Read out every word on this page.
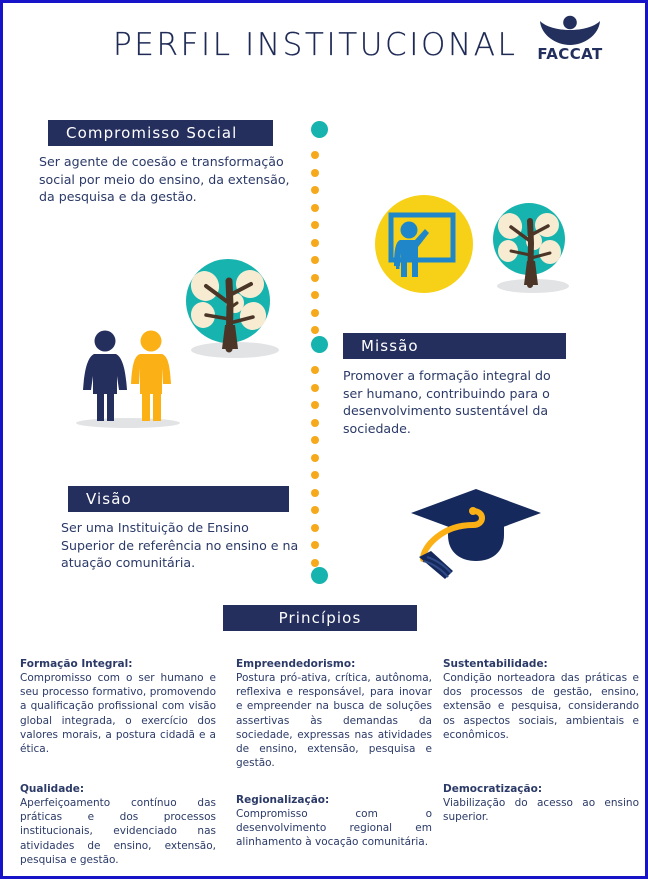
PERFIL INSTITUCIONAL FACCAT
Compromisso Social
Ser agente de coesão e transformação social por meio do ensino, da extensão, da pesquisa e da gestão.
Missão
Promover a formação integral do ser humano, contribuindo para o desenvolvimento sustentável da sociedade.
Visão
Ser uma Instituição de Ensino Superior de referência no ensino e na atuação comunitária.
Princípios
Formação Integral:
Compromisso com o ser humano e seu processo formativo, promovendo a qualificação profissional com visão global integrada, o exercício dos valores morais, a postura cidadã e a ética.
Empreendedorismo:
Postura pró-ativa, crítica, autônoma, reflexiva e responsável, para inovar e empreender na busca de soluções assertivas às demandas da sociedade, expressas nas atividades de ensino, extensão, pesquisa e gestão.
Sustentabilidade:
Condição norteadora das práticas e dos processos de gestão, ensino, extensão e pesquisa, considerando os aspectos sociais, ambientais e econômicos.
Qualidade:
Aperfeiçoamento contínuo das práticas e dos processos institucionais, evidenciado nas atividades de ensino, extensão, pesquisa e gestão.
Regionalização:
Compromisso com o desenvolvimento regional em alinhamento à vocação comunitária.
Democratização:
Viabilização do acesso ao ensino superior.
